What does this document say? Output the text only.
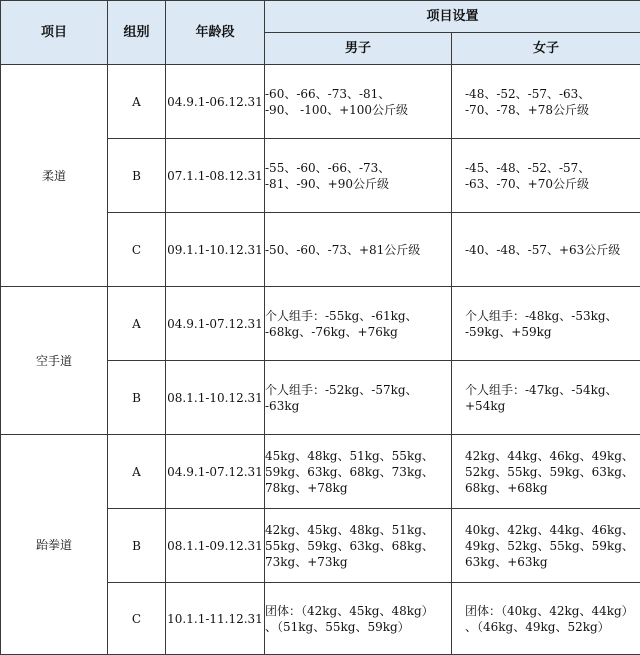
项目	组别	年龄段	项目设置	
			男子	女子
柔道	A	04.9.1-06.12.31	-60、-66、-73、-81、
-90、 -100、+100公斤级	-48、-52、-57、-63、
-70、-78、+78公斤级

	B	07.1.1-08.12.31	-55、-60、-66、-73、
-81、-90、+90公斤级	-45、-48、-52、-57、
-63、-70、+70公斤级

	C	09.1.1-10.12.31	-50、-60、-73、+81公斤级	-40、-48、-57、+63公斤级

空手道	A	04.9.1-07.12.31	个人组手：-55kg、-61kg、
-68kg、-76kg、+76kg	个人组手：-48kg、-53kg、
-59kg、+59kg

	B	08.1.1-10.12.31	个人组手：-52kg、-57kg、
-63kg	个人组手：-47kg、-54kg、
+54kg

跆拳道	A	04.9.1-07.12.31	45kg、48kg、51kg、55kg、
59kg、63kg、68kg、73kg、
78kg、+78kg	42kg、44kg、46kg、49kg、
52kg、55kg、59kg、63kg、
68kg、+68kg

	B	08.1.1-09.12.31	42kg、45kg、48kg、51kg、
55kg、59kg、63kg、68kg、
73kg、+73kg	40kg、42kg、44kg、46kg、
49kg、52kg、55kg、59kg、
63kg、+63kg

	C	10.1.1-11.12.31	团体：（42kg、45kg、48kg）
、（51kg、55kg、59kg）	团体：（40kg、42kg、44kg）
、（46kg、49kg、52kg）
